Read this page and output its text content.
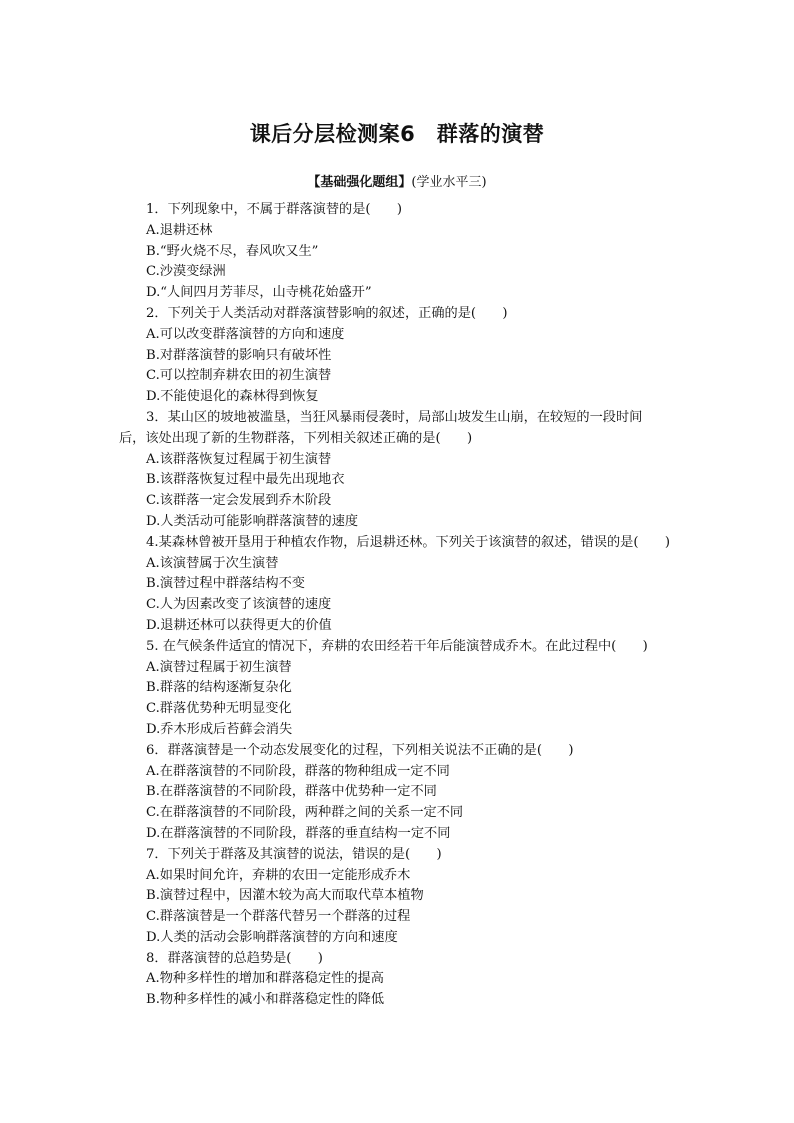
课后分层检测案6　群落的演替
【基础强化题组】(学业水平三)
1．下列现象中，不属于群落演替的是(　　)
A.退耕还林
B.“野火烧不尽，春风吹又生”
C.沙漠变绿洲
D.“人间四月芳菲尽，山寺桃花始盛开”
2．下列关于人类活动对群落演替影响的叙述，正确的是(　　)
A.可以改变群落演替的方向和速度
B.对群落演替的影响只有破坏性
C.可以控制弃耕农田的初生演替
D.不能使退化的森林得到恢复
3．某山区的坡地被滥垦，当狂风暴雨侵袭时，局部山坡发生山崩，在较短的一段时间
后，该处出现了新的生物群落，下列相关叙述正确的是(　　)
A.该群落恢复过程属于初生演替
B.该群落恢复过程中最先出现地衣
C.该群落一定会发展到乔木阶段
D.人类活动可能影响群落演替的速度
4.某森林曾被开垦用于种植农作物，后退耕还林。下列关于该演替的叙述，错误的是(　　)
A.该演替属于次生演替
B.演替过程中群落结构不变
C.人为因素改变了该演替的速度
D.退耕还林可以获得更大的价值
5. 在气候条件适宜的情况下，弃耕的农田经若干年后能演替成乔木。在此过程中(　　)
A.演替过程属于初生演替
B.群落的结构逐渐复杂化
C.群落优势种无明显变化
D.乔木形成后苔藓会消失
6．群落演替是一个动态发展变化的过程，下列相关说法不正确的是(　　)
A.在群落演替的不同阶段，群落的物种组成一定不同
B.在群落演替的不同阶段，群落中优势种一定不同
C.在群落演替的不同阶段，两种群之间的关系一定不同
D.在群落演替的不同阶段，群落的垂直结构一定不同
7．下列关于群落及其演替的说法，错误的是(　　)
A.如果时间允许，弃耕的农田一定能形成乔木
B.演替过程中，因灌木较为高大而取代草本植物
C.群落演替是一个群落代替另一个群落的过程
D.人类的活动会影响群落演替的方向和速度
8．群落演替的总趋势是(　　)
A.物种多样性的增加和群落稳定性的提高
B.物种多样性的减小和群落稳定性的降低
